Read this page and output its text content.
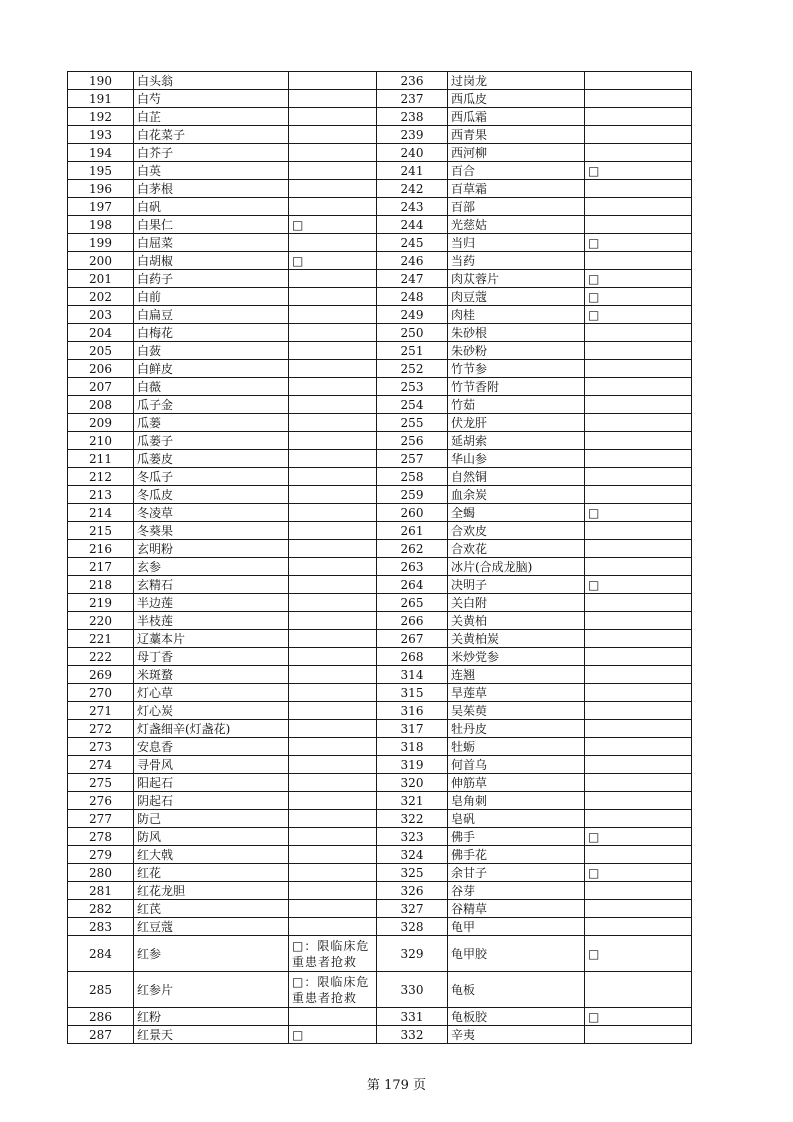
190	白头翁		236	过岗龙	
191	白芍		237	西瓜皮	
192	白芷		238	西瓜霜	
193	白花菜子		239	西青果	
194	白芥子		240	西河柳	
195	白英		241	百合	□
196	白茅根		242	百草霜	
197	白矾		243	百部	
198	白果仁	□	244	光慈姑	
199	白屈菜		245	当归	□
200	白胡椒	□	246	当药	
201	白药子		247	肉苁蓉片	□
202	白前		248	肉豆蔻	□
203	白扁豆		249	肉桂	□
204	白梅花		250	朱砂根	
205	白蔹		251	朱砂粉	
206	白鲜皮		252	竹节参	
207	白薇		253	竹节香附	
208	瓜子金		254	竹茹	
209	瓜蒌		255	伏龙肝	
210	瓜蒌子		256	延胡索	
211	瓜蒌皮		257	华山参	
212	冬瓜子		258	自然铜	
213	冬瓜皮		259	血余炭	
214	冬凌草		260	全蝎	□
215	冬葵果		261	合欢皮	
216	玄明粉		262	合欢花	
217	玄参		263	冰片(合成龙脑)	
218	玄精石		264	决明子	□
219	半边莲		265	关白附	
220	半枝莲		266	关黄柏	
221	辽藁本片		267	关黄柏炭	
222	母丁香		268	米炒党参	
269	米斑蝥		314	连翘	
270	灯心草		315	旱莲草	
271	灯心炭		316	吴茱萸	
272	灯盏细辛(灯盏花)		317	牡丹皮	
273	安息香		318	牡蛎	
274	寻骨风		319	何首乌	
275	阳起石		320	伸筋草	
276	阴起石		321	皂角刺	
277	防己		322	皂矾	
278	防风		323	佛手	□
279	红大戟		324	佛手花	
280	红花		325	余甘子	□
281	红花龙胆		326	谷芽	
282	红芪		327	谷精草	
283	红豆蔻		328	龟甲	
284	红参	□：限临床危重患者抢救	329	龟甲胶	□
285	红参片	□：限临床危重患者抢救	330	龟板	
286	红粉		331	龟板胶	□
287	红景天	□	332	辛夷	
第 179 页
